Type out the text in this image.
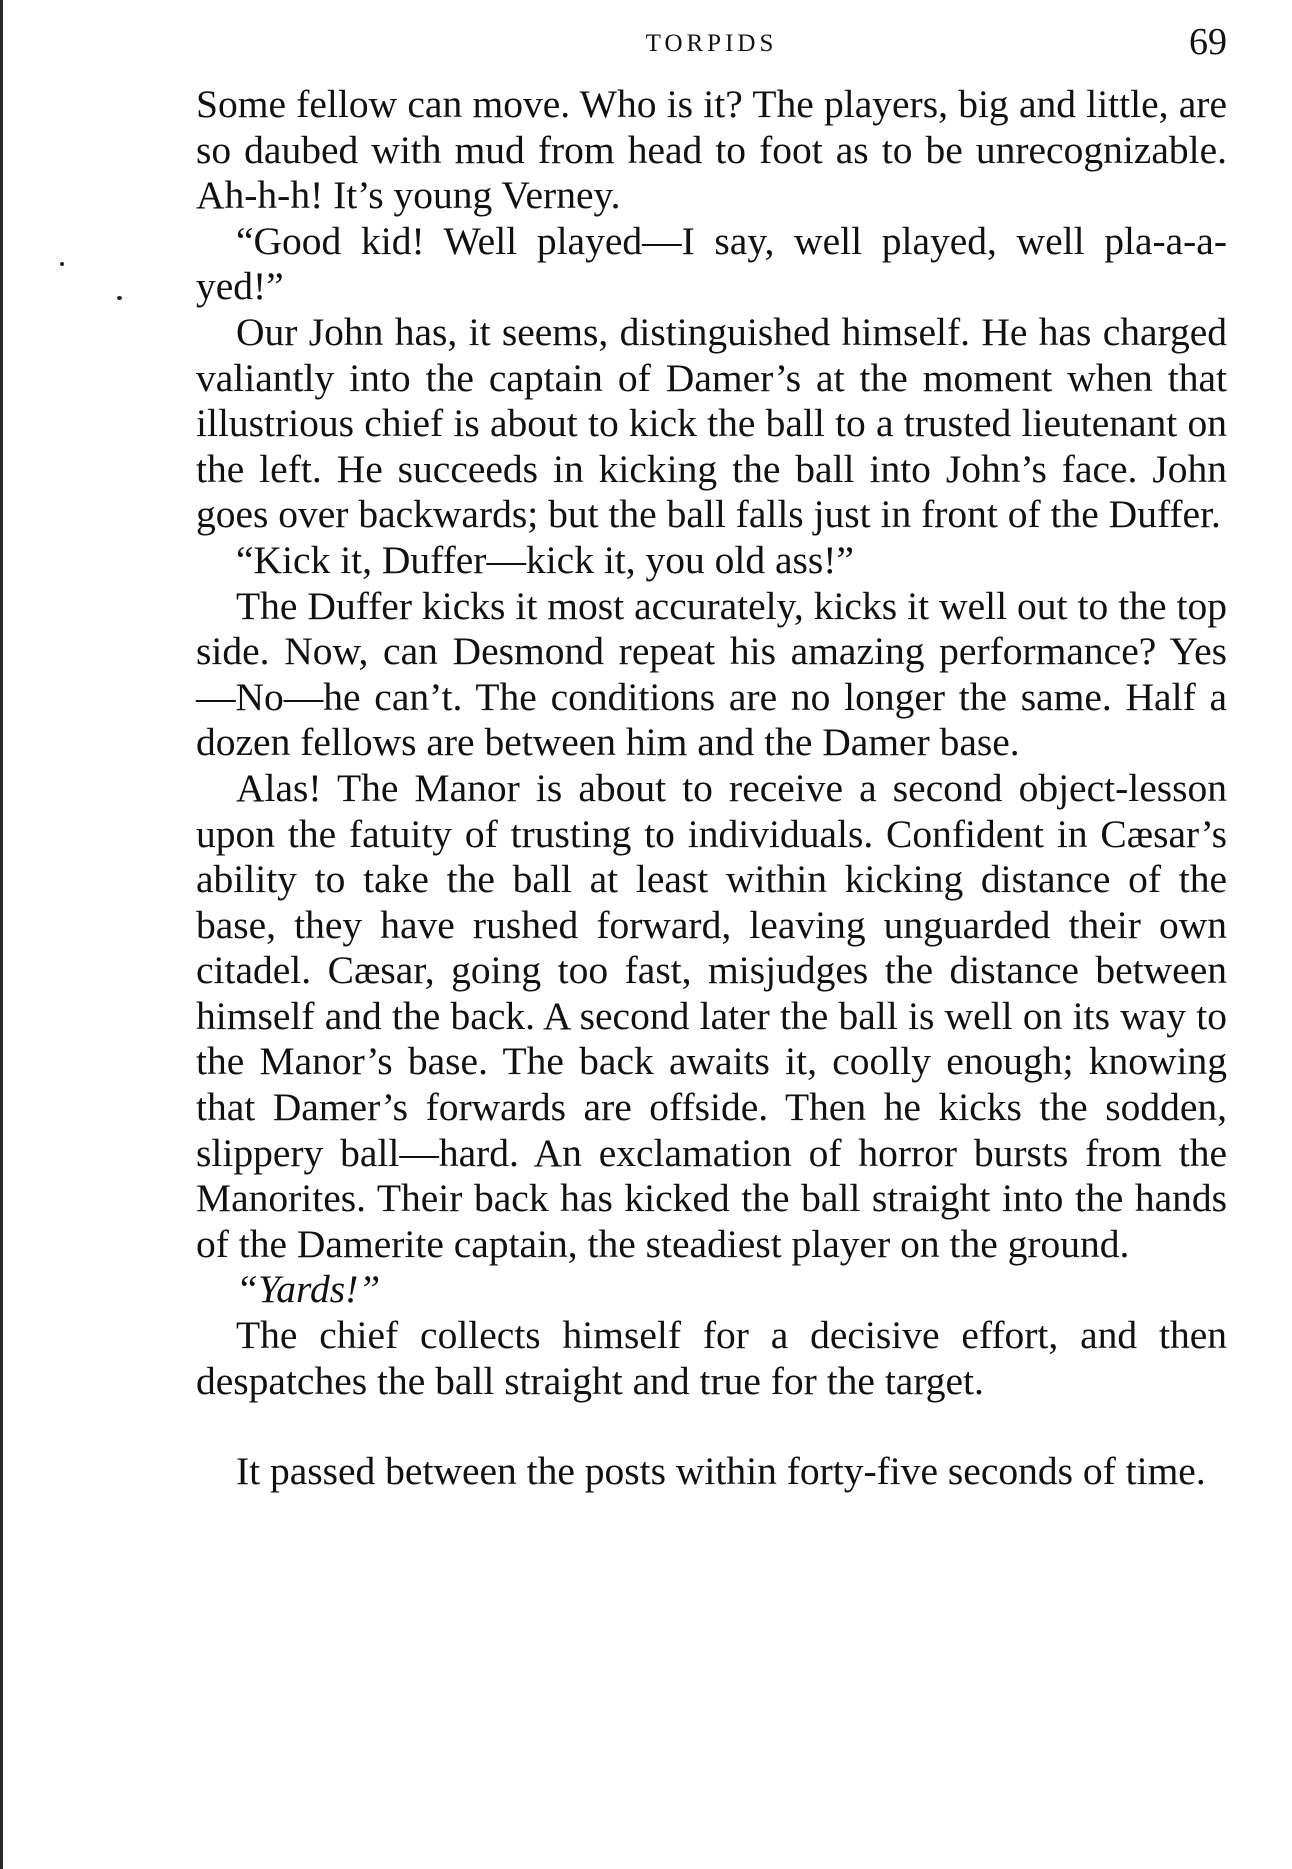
TORPIDS	69

Some fellow can move. Who is it? The players, big and little, are so daubed with mud from head to foot as to be unrecognizable. Ah-h-h! It’s young Verney.

“Good kid! Well played—I say, well played, well pla-a-a-yed!”

Our John has, it seems, distinguished himself. He has charged valiantly into the captain of Damer’s at the moment when that illustrious chief is about to kick the ball to a trusted lieutenant on the left. He succeeds in kicking the ball into John’s face. John goes over backwards; but the ball falls just in front of the Duffer.

“Kick it, Duffer—kick it, you old ass!”

The Duffer kicks it most accurately, kicks it well out to the top side. Now, can Desmond repeat his amazing performance? Yes—No—he can’t. The conditions are no longer the same. Half a dozen fellows are between him and the Damer base.

Alas! The Manor is about to receive a second object-lesson upon the fatuity of trusting to individuals. Confident in Cæsar’s ability to take the ball at least within kicking distance of the base, they have rushed forward, leaving unguarded their own citadel. Cæsar, going too fast, misjudges the distance between himself and the back. A second later the ball is well on its way to the Manor’s base. The back awaits it, coolly enough; knowing that Damer’s forwards are offside. Then he kicks the sodden, slippery ball—hard. An exclamation of horror bursts from the Manorites. Their back has kicked the ball straight into the hands of the Damerite captain, the steadiest player on the ground.

“Yards!”

The chief collects himself for a decisive effort, and then despatches the ball straight and true for the target.

It passed between the posts within forty-five seconds of time.
